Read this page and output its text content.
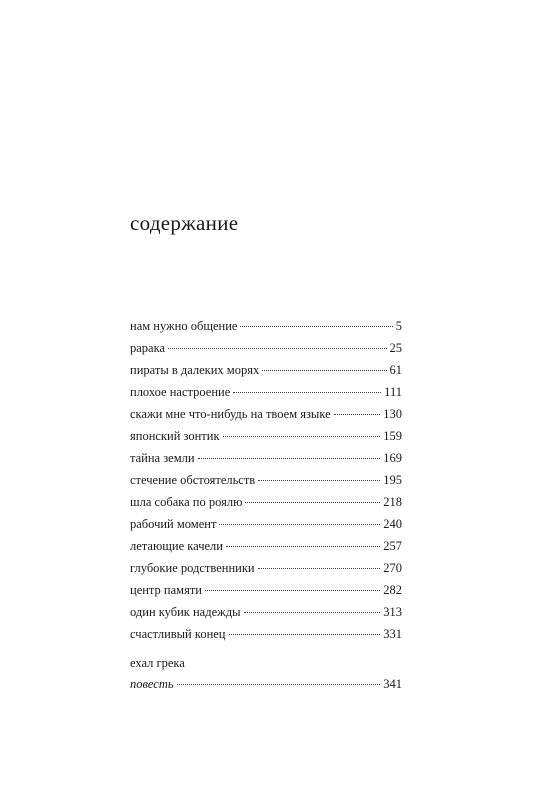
содержание
нам нужно общение	5
рарака	25
пираты в далеких морях	61
плохое настроение	111
скажи мне что-нибудь на твоем языке	130
японский зонтик	159
тайна земли	169
стечение обстоятельств	195
шла собака по роялю	218
рабочий момент	240
летающие качели	257
глубокие родственники	270
центр памяти	282
один кубик надежды	313
счастливый конец	331
ехал грека
повесть	341
